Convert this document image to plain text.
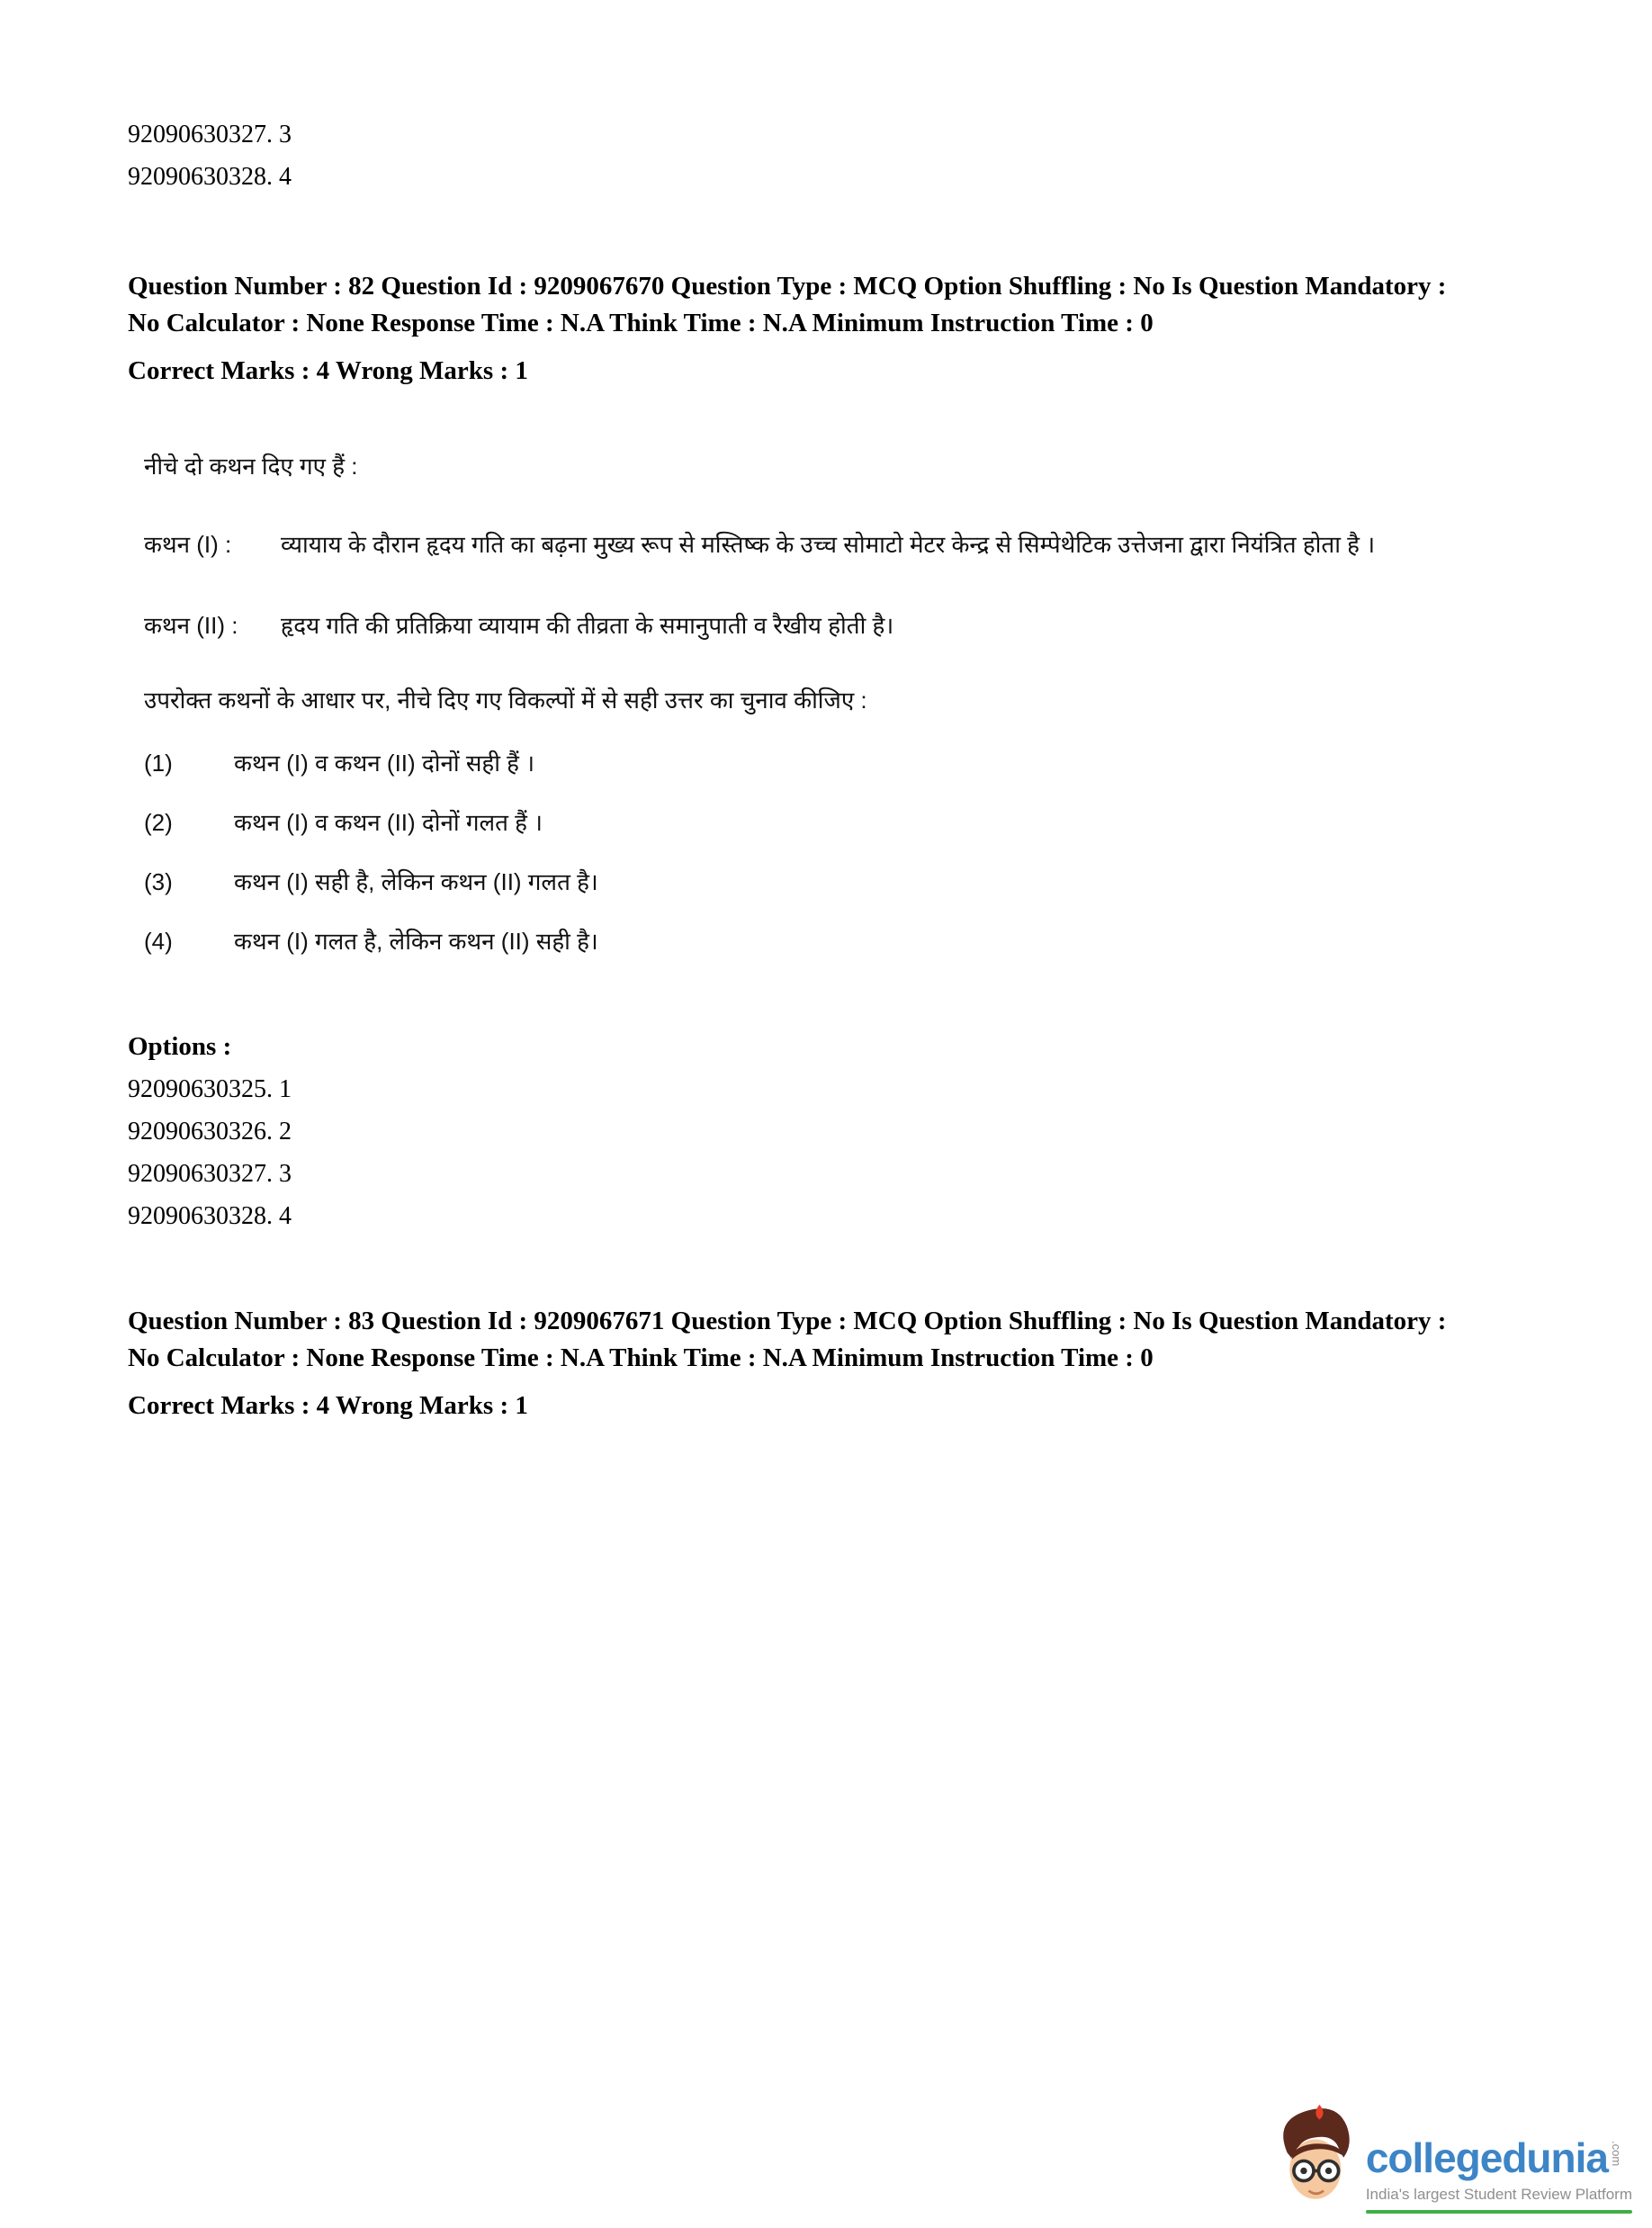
92090630327. 3

92090630328. 4

Question Number : 82 Question Id : 9209067670 Question Type : MCQ Option Shuffling : No Is Question Mandatory : No Calculator : None Response Time : N.A Think Time : N.A Minimum Instruction Time : 0

Correct Marks : 4 Wrong Marks : 1

नीचे दो कथन दिए गए हैं :

कथन (I) :	व्यायाय के दौरान हृदय गति का बढ़ना मुख्य रूप से मस्तिष्क के उच्च सोमाटो मेटर केन्द्र से सिम्पेथेटिक उत्तेजना द्वारा नियंत्रित होता है ।
कथन (II) :	हृदय गति की प्रतिक्रिया व्यायाम की तीव्रता के समानुपाती व रैखीय होती है।

उपरोक्त कथनों के आधार पर, नीचे दिए गए विकल्पों में से सही उत्तर का चुनाव कीजिए :

(1)	कथन (I) व कथन (II) दोनों सही हैं ।
(2)	कथन (I) व कथन (II) दोनों गलत हैं ।
(3)	कथन (I) सही है, लेकिन कथन (II) गलत है।
(4)	कथन (I) गलत है, लेकिन कथन (II) सही है।

Options :

92090630325. 1

92090630326. 2

92090630327. 3

92090630328. 4

Question Number : 83 Question Id : 9209067671 Question Type : MCQ Option Shuffling : No Is Question Mandatory : No Calculator : None Response Time : N.A Think Time : N.A Minimum Instruction Time : 0

Correct Marks : 4 Wrong Marks : 1

collegedunia .com
India's largest Student Review Platform
